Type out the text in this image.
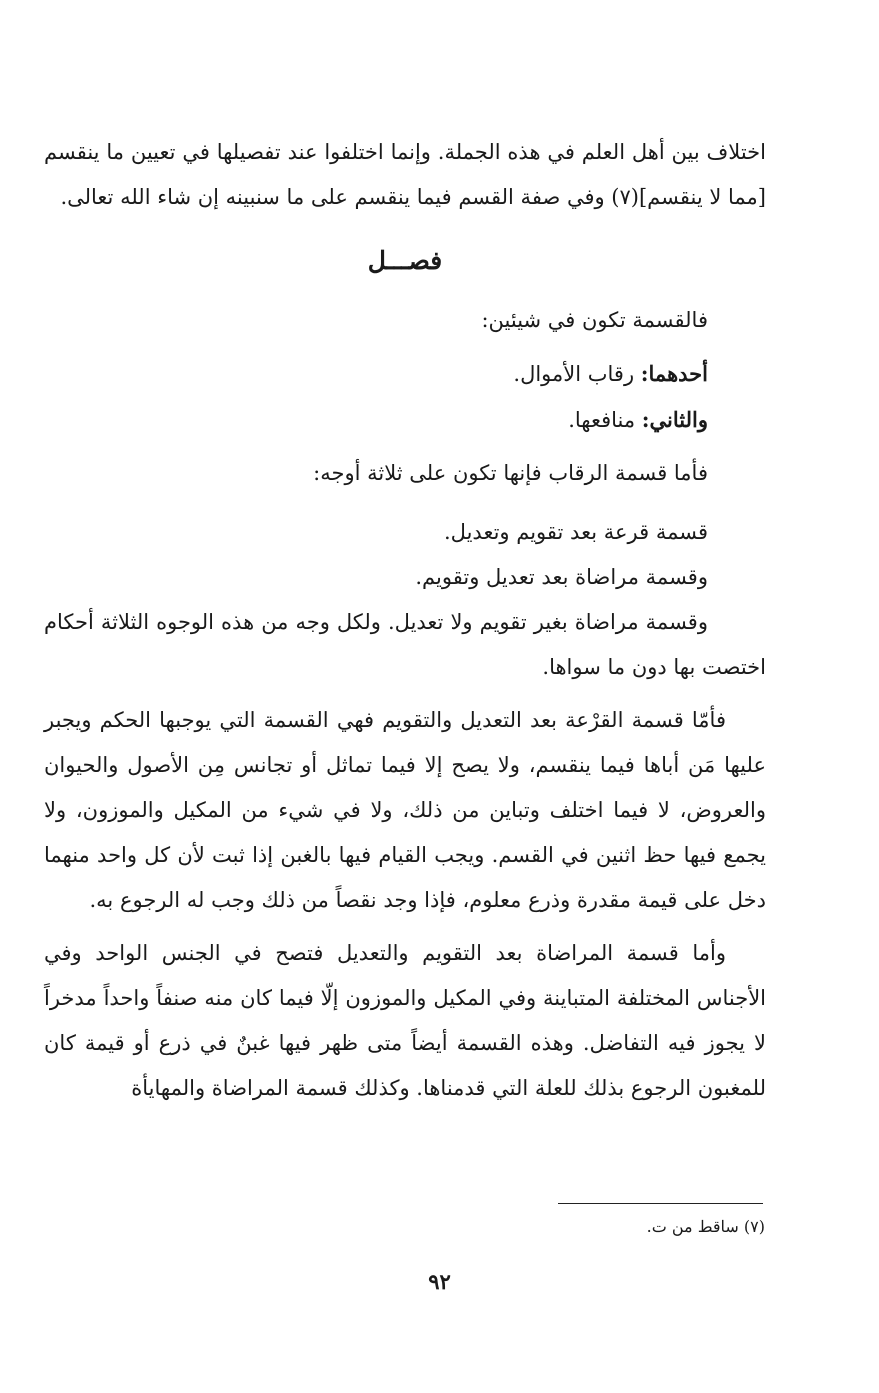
اختلاف بين أهل العلم في هذه الجملة. وإنما اختلفوا عند تفصيلها في تعيين ما ينقسم [مما لا ينقسم](٧) وفي صفة القسم فيما ينقسم على ما سنبينه إن شاء الله تعالى.

فصـــل

فالقسمة تكون في شيئين:

أحدهما: رقاب الأموال.

والثاني: منافعها.

فأما قسمة الرقاب فإنها تكون على ثلاثة أوجه:

قسمة قرعة بعد تقويم وتعديل.

وقسمة مراضاة بعد تعديل وتقويم.

وقسمة مراضاة بغير تقويم ولا تعديل. ولكل وجه من هذه الوجوه الثلاثة أحكام اختصت بها دون ما سواها.

فأمّا قسمة القرْعة بعد التعديل والتقويم فهي القسمة التي يوجبها الحكم ويجبر عليها مَن أباها فيما ينقسم، ولا يصح إلا فيما تماثل أو تجانس مِن الأصول والحيوان والعروض، لا فيما اختلف وتباين من ذلك، ولا في شيء من المكيل والموزون، ولا يجمع فيها حظ اثنين في القسم. ويجب القيام فيها بالغبن إذا ثبت لأن كل واحد منهما دخل على قيمة مقدرة وذرع معلوم، فإذا وجد نقصاً من ذلك وجب له الرجوع به.

وأما قسمة المراضاة بعد التقويم والتعديل فتصح في الجنس الواحد وفي الأجناس المختلفة المتباينة وفي المكيل والموزون إلّا فيما كان منه صنفاً واحداً مدخراً لا يجوز فيه التفاضل. وهذه القسمة أيضاً متى ظهر فيها غبنٌ في ذرع أو قيمة كان للمغبون الرجوع بذلك للعلة التي قدمناها. وكذلك قسمة المراضاة والمهايأة

(٧) ساقط من ت.
٩٢
